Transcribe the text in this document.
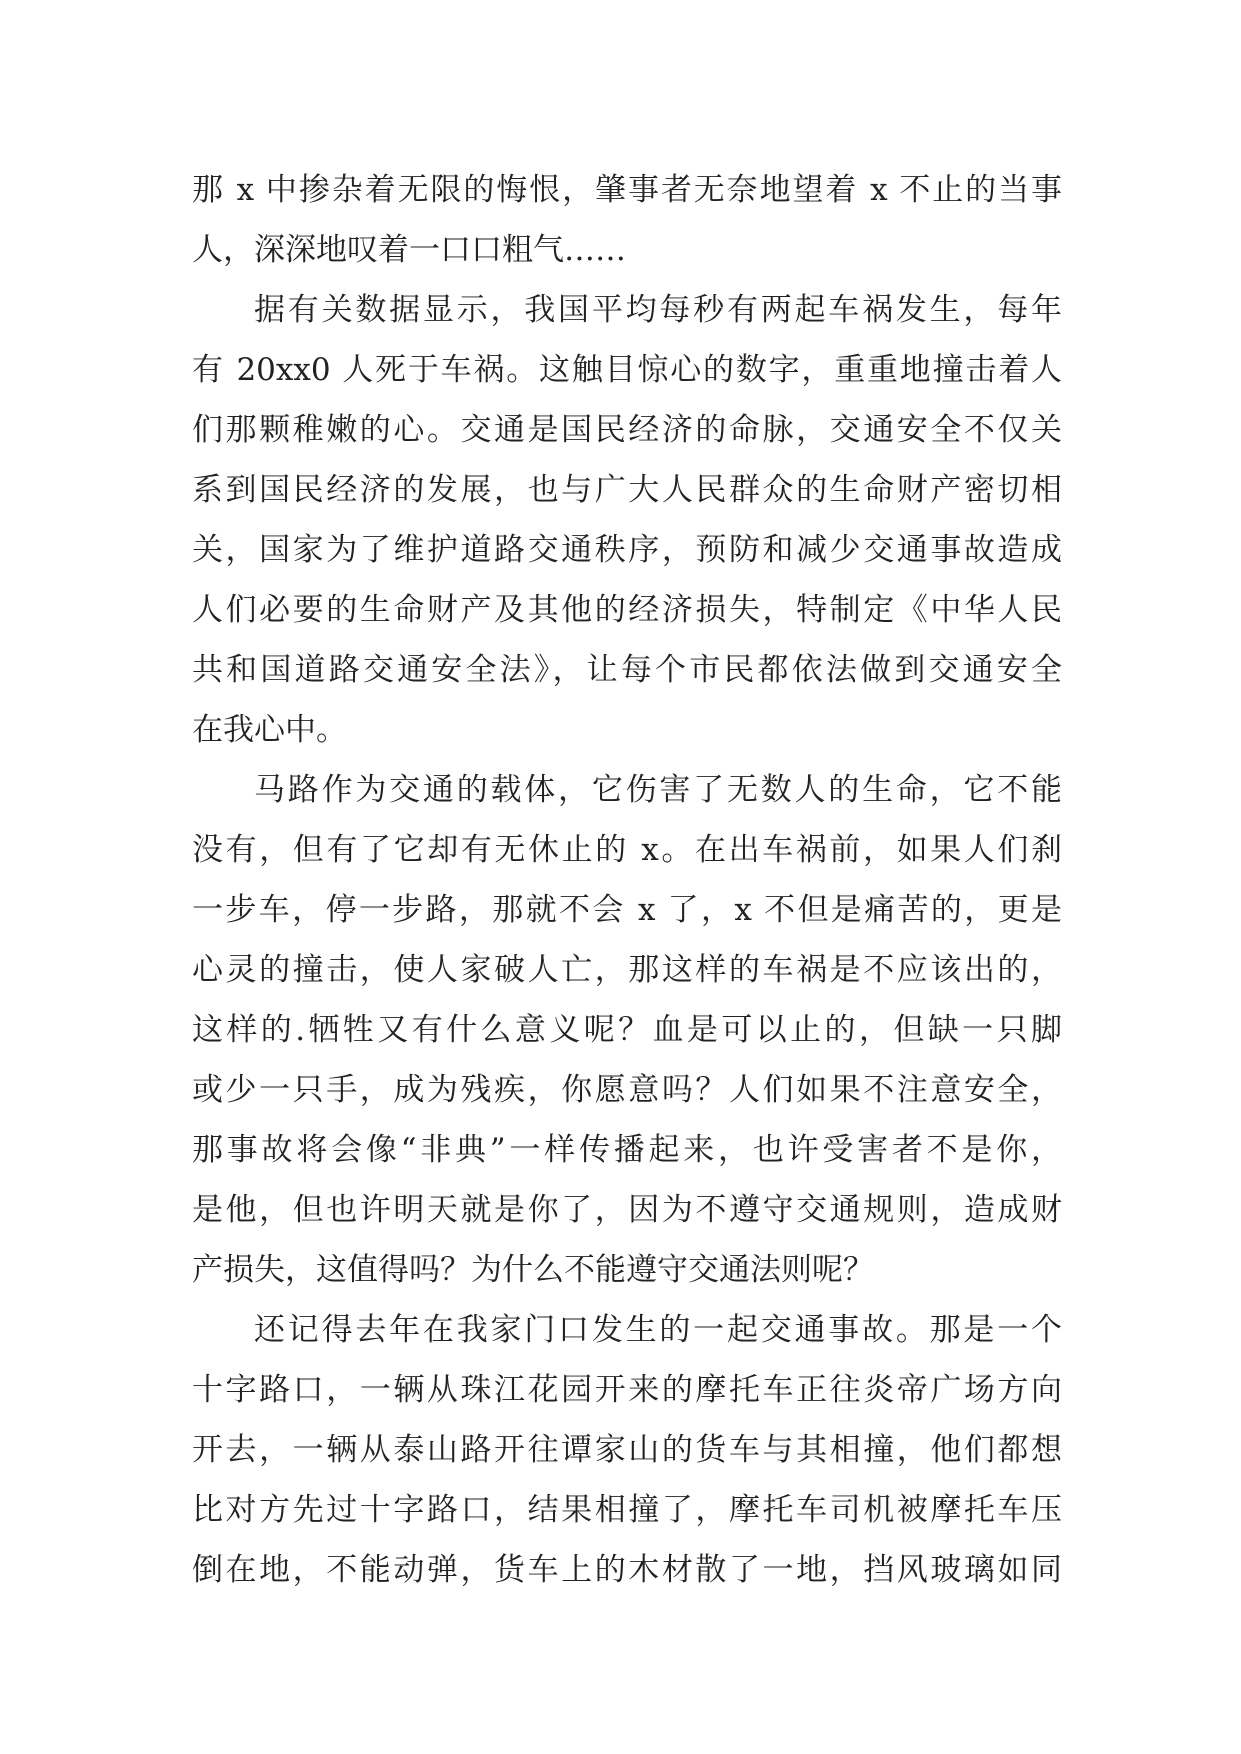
那 x 中掺杂着无限的悔恨，肇事者无奈地望着 x 不止的当事
人，深深地叹着一口口粗气……
据有关数据显示，我国平均每秒有两起车祸发生，每年
有 20xx0 人死于车祸。这触目惊心的数字，重重地撞击着人
们那颗稚嫩的心。交通是国民经济的命脉，交通安全不仅关
系到国民经济的发展，也与广大人民群众的生命财产密切相
关，国家为了维护道路交通秩序，预防和减少交通事故造成
人们必要的生命财产及其他的经济损失，特制定《中华人民
共和国道路交通安全法》，让每个市民都依法做到交通安全
在我心中。
马路作为交通的载体，它伤害了无数人的生命，它不能
没有，但有了它却有无休止的 x。在出车祸前，如果人们刹
一步车，停一步路，那就不会 x 了，x 不但是痛苦的，更是
心灵的撞击，使人家破人亡，那这样的车祸是不应该出的，
这样的.牺牲又有什么意义呢？血是可以止的，但缺一只脚
或少一只手，成为残疾，你愿意吗？人们如果不注意安全，
那事故将会像“非典”一样传播起来，也许受害者不是你，
是他，但也许明天就是你了，因为不遵守交通规则，造成财
产损失，这值得吗？为什么不能遵守交通法则呢？
还记得去年在我家门口发生的一起交通事故。那是一个
十字路口，一辆从珠江花园开来的摩托车正往炎帝广场方向
开去，一辆从泰山路开往谭家山的货车与其相撞，他们都想
比对方先过十字路口，结果相撞了，摩托车司机被摩托车压
倒在地，不能动弹，货车上的木材散了一地，挡风玻璃如同
